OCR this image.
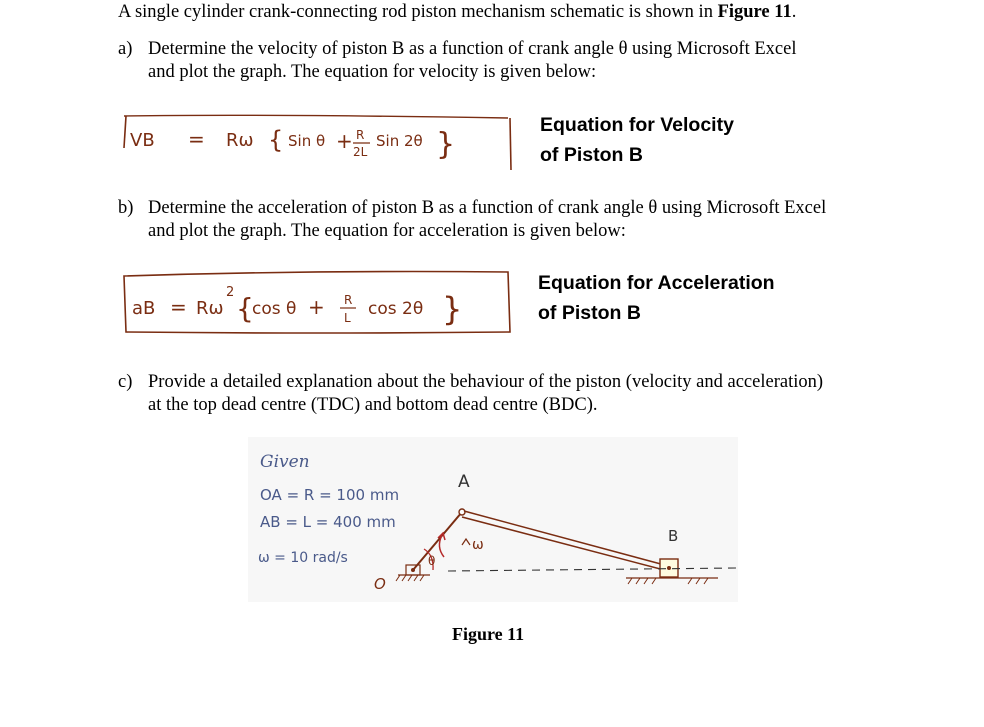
A single cylinder crank-connecting rod piston mechanism schematic is shown in Figure 11.
a) Determine the velocity of piston B as a function of crank angle θ using Microsoft Excel
and plot the graph. The equation for velocity is given below:
VB = Rω { Sin θ + R
2L
Sin 2θ }
Equation for Velocity
of Piston B
b) Determine the acceleration of piston B as a function of crank angle θ using Microsoft Excel
and plot the graph. The equation for acceleration is given below:
aB = Rω
2 {
cos θ + R
L cos 2θ }
Equation for Acceleration
of Piston B
c) Provide a detailed explanation about the behaviour of the piston (velocity and acceleration)
at the top dead centre (TDC) and bottom dead centre (BDC).
Given
OA = R = 100 mm
AB = L = 400 mm
ω = 10 rad/s
O
A
θ
ω	B
Figure 11
